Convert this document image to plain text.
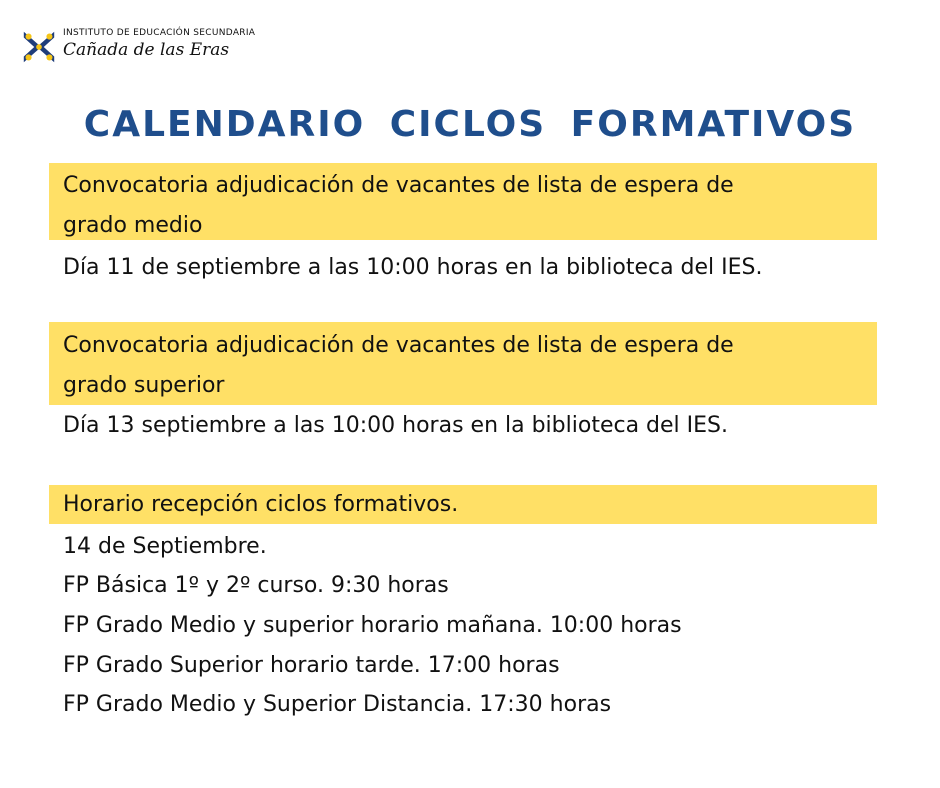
INSTITUTO DE EDUCACIÓN SECUNDARIA
Cañada de las Eras
CALENDARIO CICLOS FORMATIVOS
Convocatoria adjudicación de vacantes de lista de espera de
grado medio
Día 11 de septiembre a las 10:00 horas en la biblioteca del IES.
Convocatoria adjudicación de vacantes de lista de espera de
grado superior
Día 13 septiembre a las 10:00 horas en la biblioteca del IES.
Horario recepción ciclos formativos.
14 de Septiembre.
FP Básica 1º y 2º curso. 9:30 horas
FP Grado Medio y superior horario mañana. 10:00 horas
FP Grado Superior horario tarde. 17:00 horas
FP Grado Medio y Superior Distancia. 17:30 horas
